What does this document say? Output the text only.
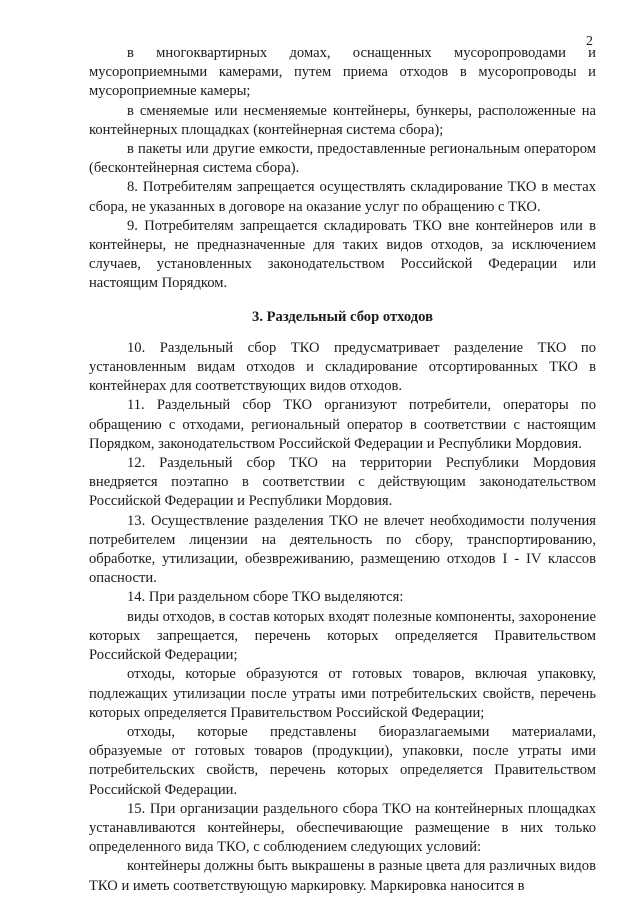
2

в многоквартирных домах, оснащенных мусоропроводами и мусороприемными камерами, путем приема отходов в мусоропроводы и мусороприемные камеры;

в сменяемые или несменяемые контейнеры, бункеры, расположенные на контейнерных площадках (контейнерная система сбора);

в пакеты или другие емкости, предоставленные региональным оператором (бесконтейнерная система сбора).

8. Потребителям запрещается осуществлять складирование ТКО в местах сбора, не указанных в договоре на оказание услуг по обращению с ТКО.

9. Потребителям запрещается складировать ТКО вне контейнеров или в контейнеры, не предназначенные для таких видов отходов, за исключением случаев, установленных законодательством Российской Федерации или настоящим Порядком.

3. Раздельный сбор отходов

10. Раздельный сбор ТКО предусматривает разделение ТКО по установленным видам отходов и складирование отсортированных ТКО в контейнерах для соответствующих видов отходов.

11. Раздельный сбор ТКО организуют потребители, операторы по обращению с отходами, региональный оператор в соответствии с настоящим Порядком, законодательством Российской Федерации и Республики Мордовия.

12. Раздельный сбор ТКО на территории Республики Мордовия внедряется поэтапно в соответствии с действующим законодательством Российской Федерации и Республики Мордовия.

13. Осуществление разделения ТКО не влечет необходимости получения потребителем лицензии на деятельность по сбору, транспортированию, обработке, утилизации, обезвреживанию, размещению отходов I - IV классов опасности.

14. При раздельном сборе ТКО выделяются:

виды отходов, в состав которых входят полезные компоненты, захоронение которых запрещается, перечень которых определяется Правительством Российской Федерации;

отходы, которые образуются от готовых товаров, включая упаковку, подлежащих утилизации после утраты ими потребительских свойств, перечень которых определяется Правительством Российской Федерации;

отходы, которые представлены биоразлагаемыми материалами, образуемые от готовых товаров (продукции), упаковки, после утраты ими потребительских свойств, перечень которых определяется Правительством Российской Федерации.

15. При организации раздельного сбора ТКО на контейнерных площадках устанавливаются контейнеры, обеспечивающие размещение в них только определенного вида ТКО, с соблюдением следующих условий:

контейнеры должны быть выкрашены в разные цвета для различных видов ТКО и иметь соответствующую маркировку. Маркировка наносится в
